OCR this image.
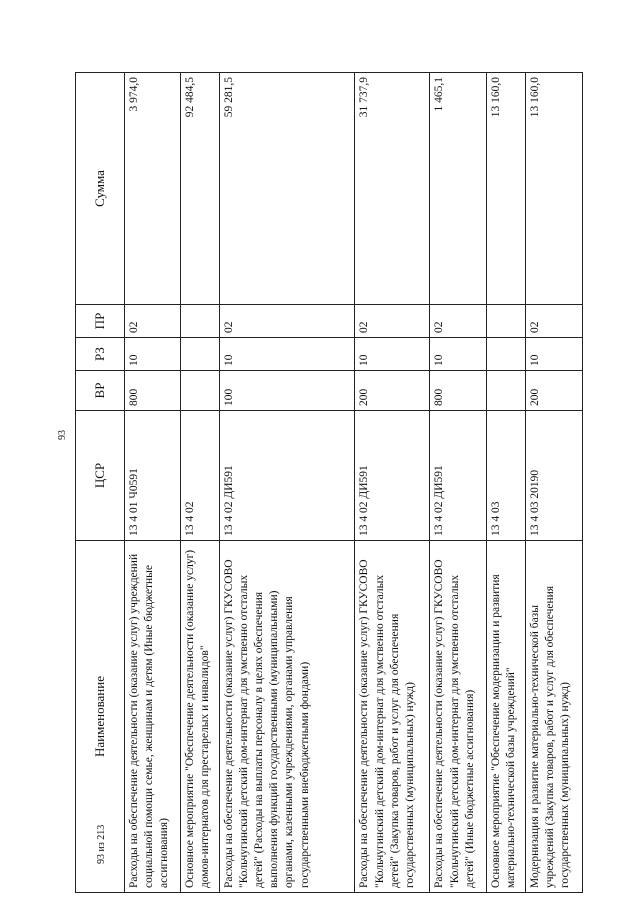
93
Наименование	ЦСР	ВР	РЗ	ПР	Сумма
Расходы на обеспечение деятельности (оказание услуг) учреждений социальной помощи семье, женщинам и детям (Иные бюджетные ассигнования)	13 4 01 Ч0591	800	10	02	3 974,0
Основное мероприятие "Обеспечение деятельности (оказание услуг) домов-интернатов для престарелых и инвалидов"	13 4 02				92 484,5
Расходы на обеспечение деятельности (оказание услуг) ГКУСОВО "Кольчугинский детский дом-интернат для умственно отсталых детей" (Расходы на выплаты персоналу в целях обеспечения выполнения функций государственными (муниципальными) органами, казенными учреждениями, органами управления государственными внебюджетными фондами)	13 4 02 ДИ591	100	10	02	59 281,5
Расходы на обеспечение деятельности (оказание услуг) ГКУСОВО "Кольчугинский детский дом-интернат для умственно отсталых детей" (Закупка товаров, работ и услуг для обеспечения государственных (муниципальных) нужд)	13 4 02 ДИ591	200	10	02	31 737,9
Расходы на обеспечение деятельности (оказание услуг) ГКУСОВО "Кольчугинский детский дом-интернат для умственно отсталых детей" (Иные бюджетные ассигнования)	13 4 02 ДИ591	800	10	02	1 465,1
Основное мероприятие "Обеспечение модернизации и развития материально-технической базы учреждений"	13 4 03				13 160,0
Модернизация и развитие материально-технической базы учреждений (Закупка товаров, работ и услуг для обеспечения государственных (муниципальных) нужд)	13 4 03 20190	200	10	02	13 160,0
93 из 213
